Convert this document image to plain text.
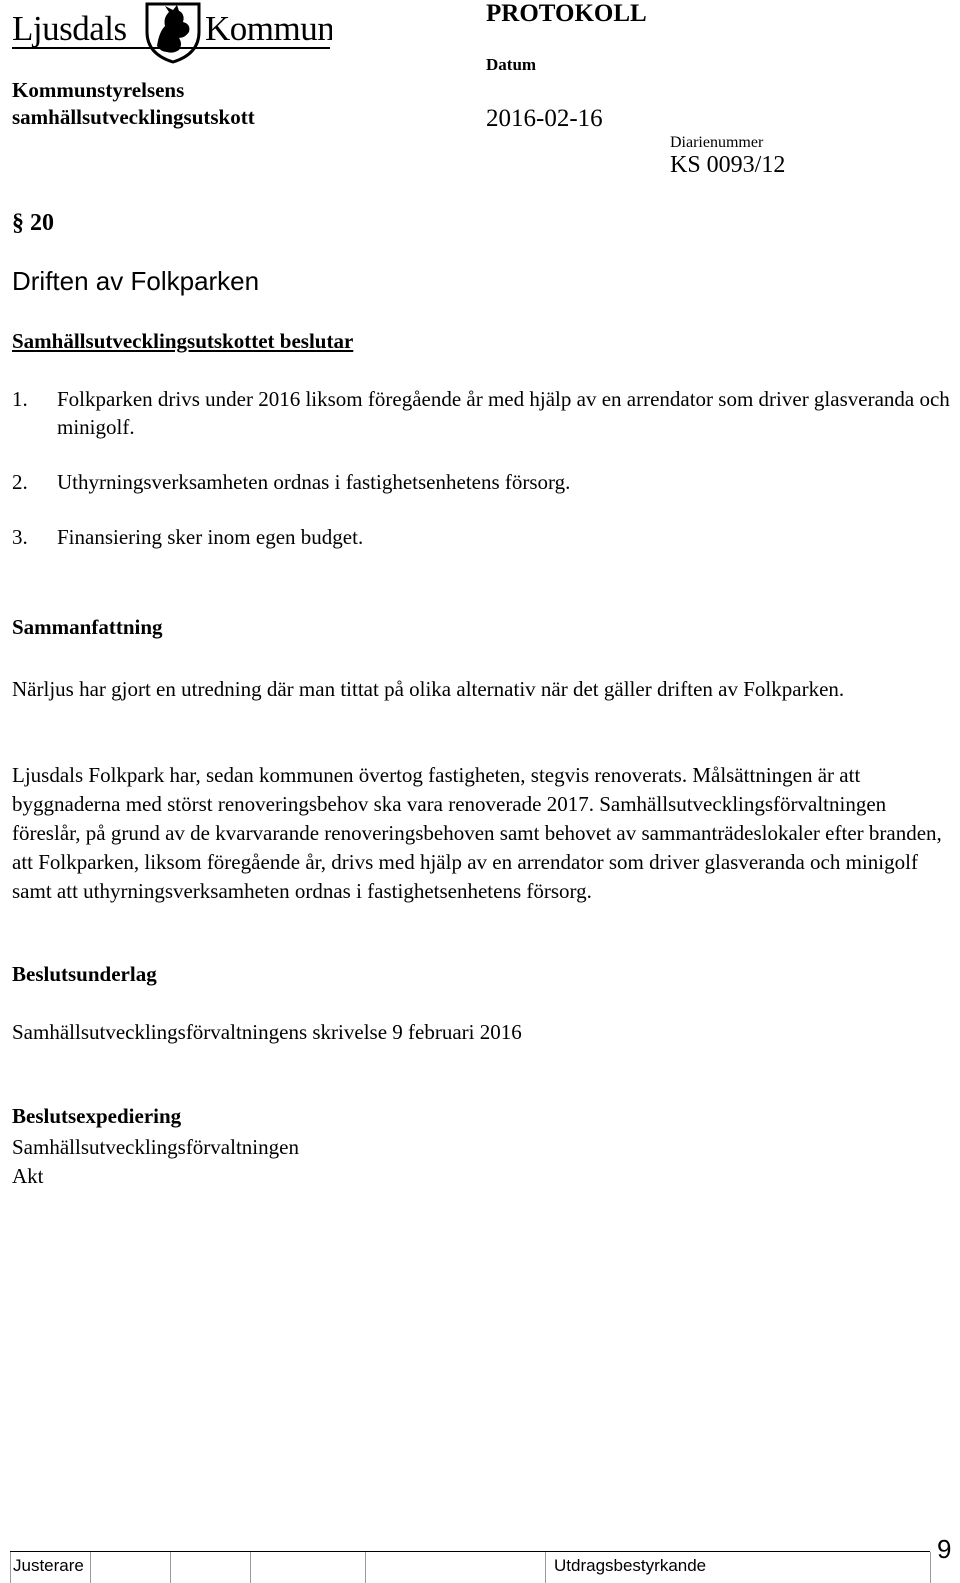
Ljusdals Kommun	PROTOKOLL
Datum
Kommunstyrelsens
samhällsutvecklingsutskott	2016-02-16
Diarienummer
KS 0093/12
§ 20
Driften av Folkparken
Samhällsutvecklingsutskottet beslutar
1. Folkparken drivs under 2016 liksom föregående år med hjälp av en arrendator som driver glasveranda och minigolf.
2. Uthyrningsverksamheten ordnas i fastighetsenhetens försorg.
3. Finansiering sker inom egen budget.
Sammanfattning
Närljus har gjort en utredning där man tittat på olika alternativ när det gäller driften av Folkparken.
Ljusdals Folkpark har, sedan kommunen övertog fastigheten, stegvis renoverats. Målsättningen är att byggnaderna med störst renoveringsbehov ska vara renoverade 2017. Samhällsutvecklingsförvaltningen föreslår, på grund av de kvarvarande renoveringsbehoven samt behovet av sammanträdeslokaler efter branden, att Folkparken, liksom föregående år, drivs med hjälp av en arrendator som driver glasveranda och minigolf samt att uthyrningsverksamheten ordnas i fastighetsenhetens försorg.
Beslutsunderlag
Samhällsutvecklingsförvaltningens skrivelse 9 februari 2016
Beslutsexpediering
Samhällsutvecklingsförvaltningen
Akt
Justerare	Utdragsbestyrkande
9
